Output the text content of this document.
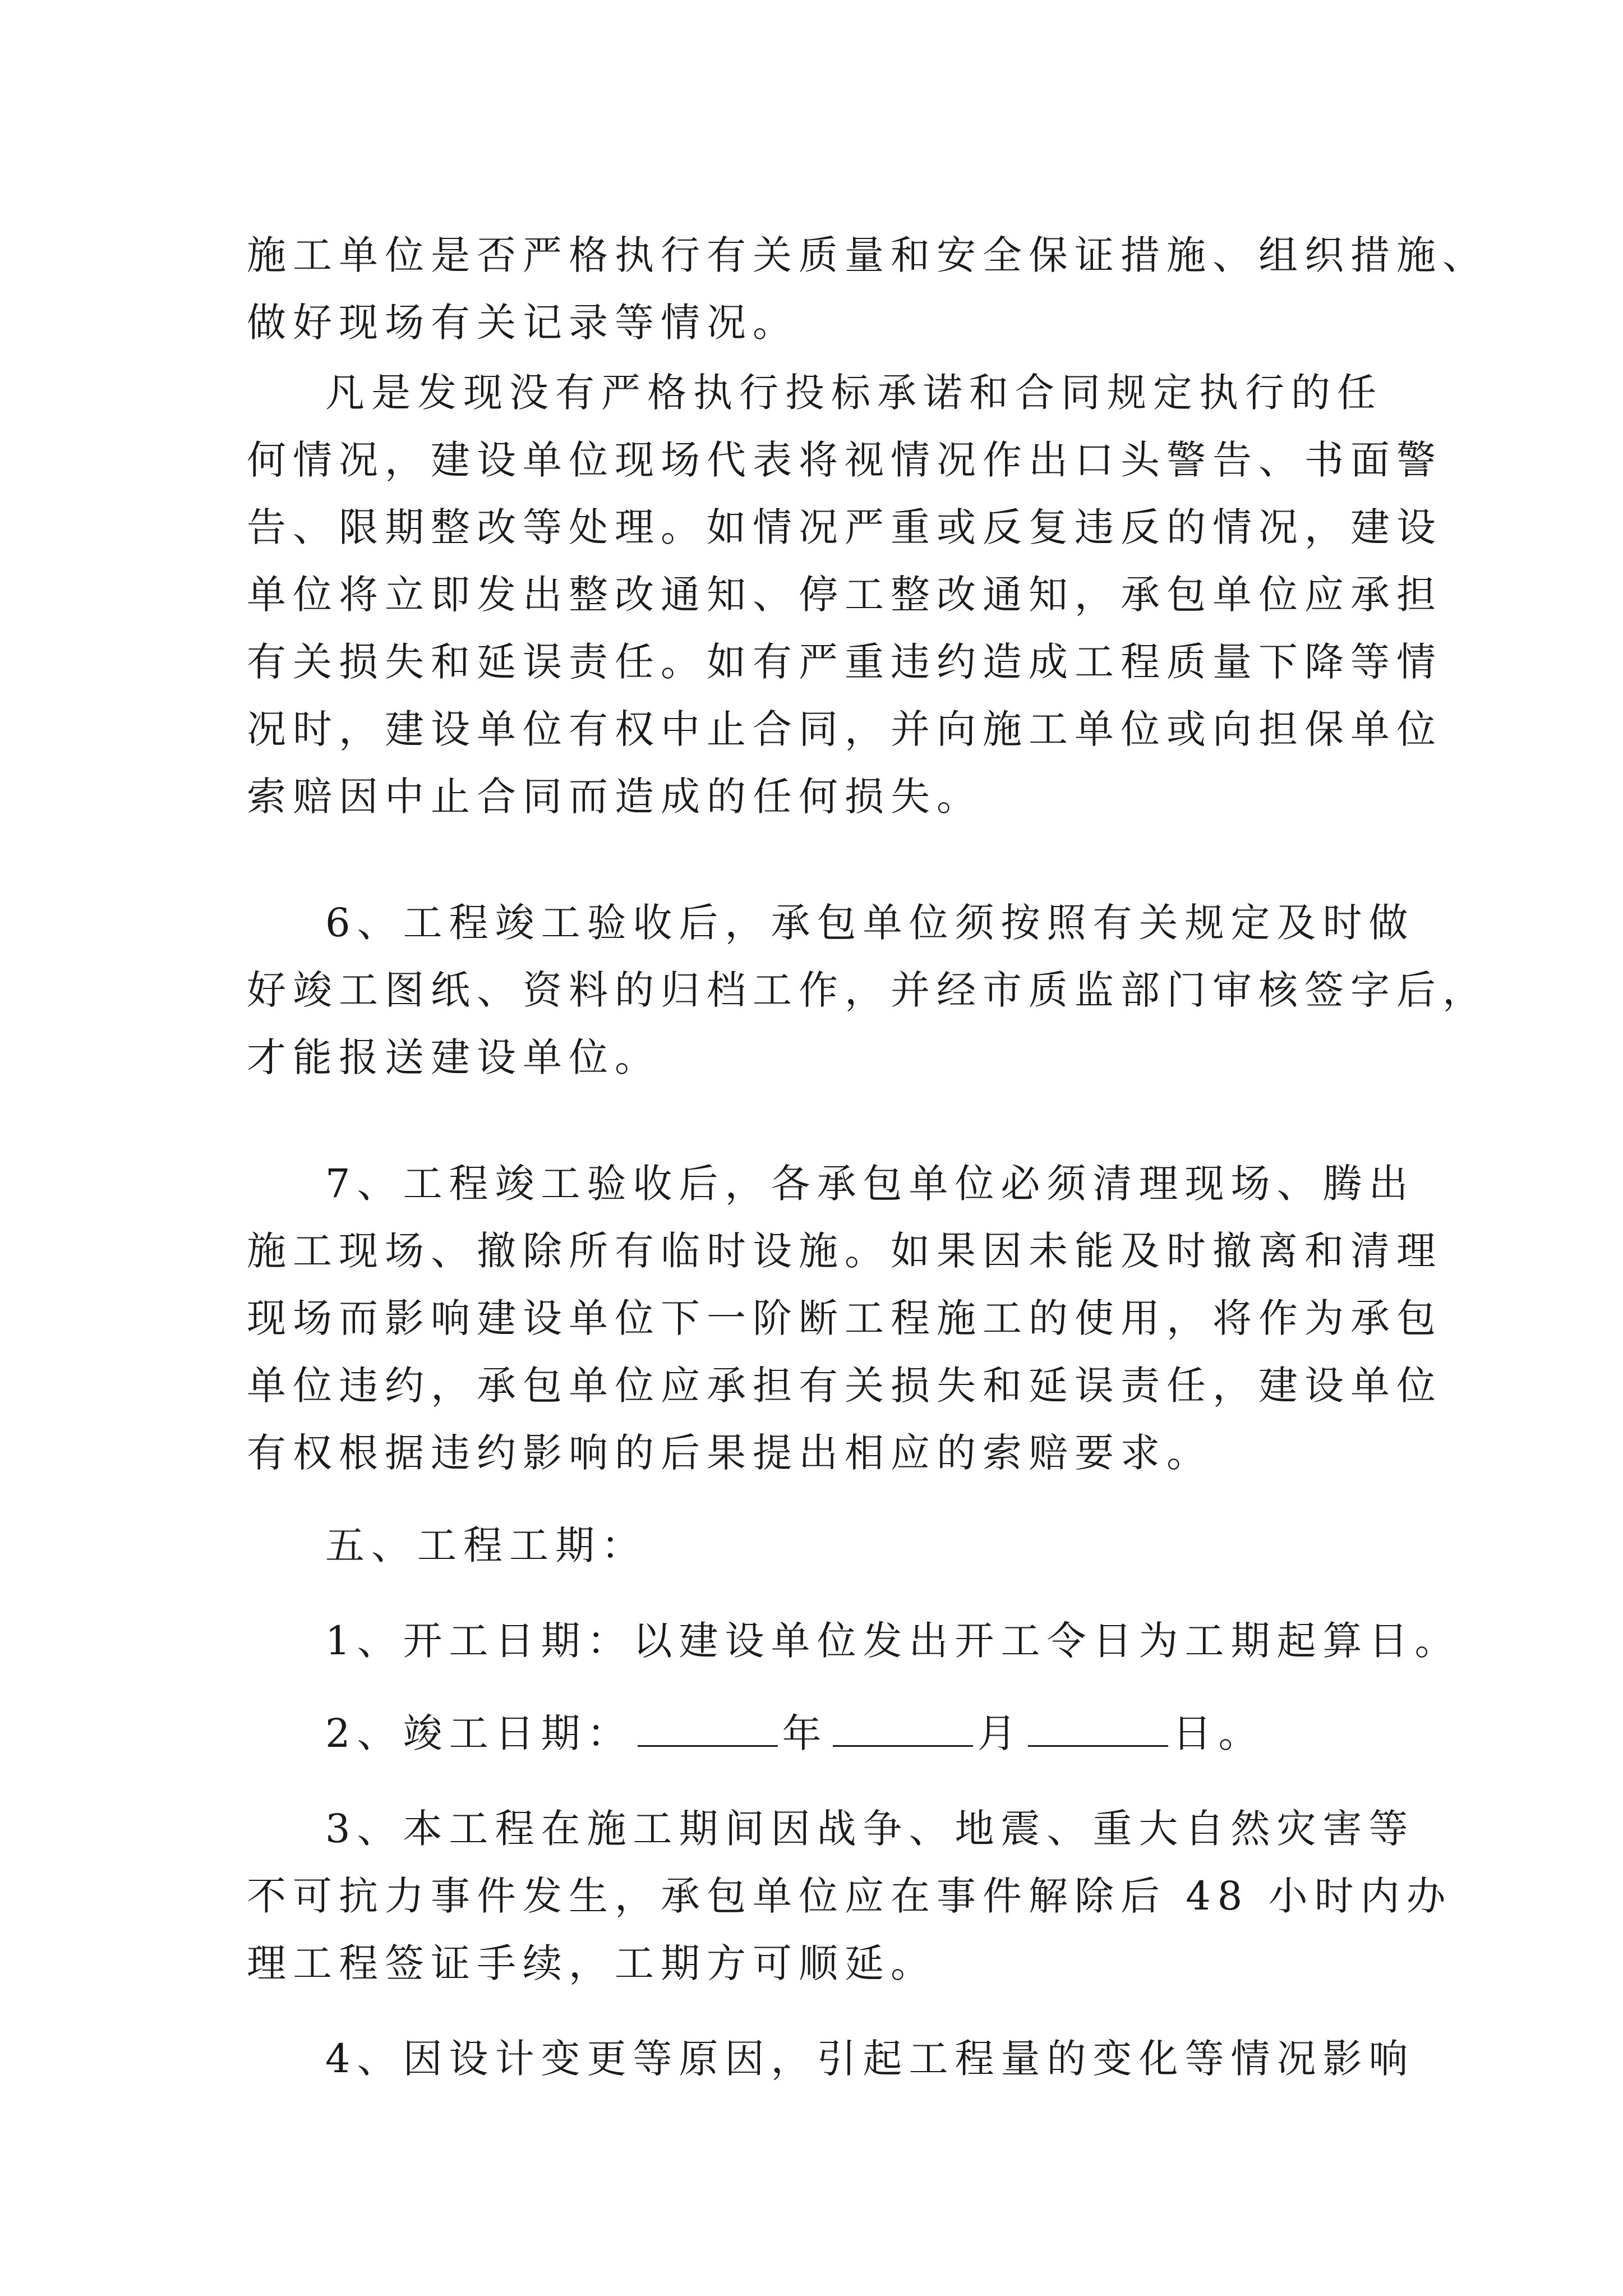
施工单位是否严格执行有关质量和安全保证措施、组织措施、
做好现场有关记录等情况。
凡是发现没有严格执行投标承诺和合同规定执行的任
何情况，建设单位现场代表将视情况作出口头警告、书面警
告、限期整改等处理。如情况严重或反复违反的情况，建设
单位将立即发出整改通知、停工整改通知，承包单位应承担
有关损失和延误责任。如有严重违约造成工程质量下降等情
况时，建设单位有权中止合同，并向施工单位或向担保单位
索赔因中止合同而造成的任何损失。
6、工程竣工验收后，承包单位须按照有关规定及时做
好竣工图纸、资料的归档工作，并经市质监部门审核签字后，
才能报送建设单位。
7、工程竣工验收后，各承包单位必须清理现场、腾出
施工现场、撤除所有临时设施。如果因未能及时撤离和清理
现场而影响建设单位下一阶断工程施工的使用，将作为承包
单位违约，承包单位应承担有关损失和延误责任，建设单位
有权根据违约影响的后果提出相应的索赔要求。
五、工程工期：
1、开工日期：以建设单位发出开工令日为工期起算日。
2、竣工日期：	年	月	日。
3、本工程在施工期间因战争、地震、重大自然灾害等
不可抗力事件发生，承包单位应在事件解除后 48 小时内办
理工程签证手续，工期方可顺延。
4、因设计变更等原因，引起工程量的变化等情况影响
